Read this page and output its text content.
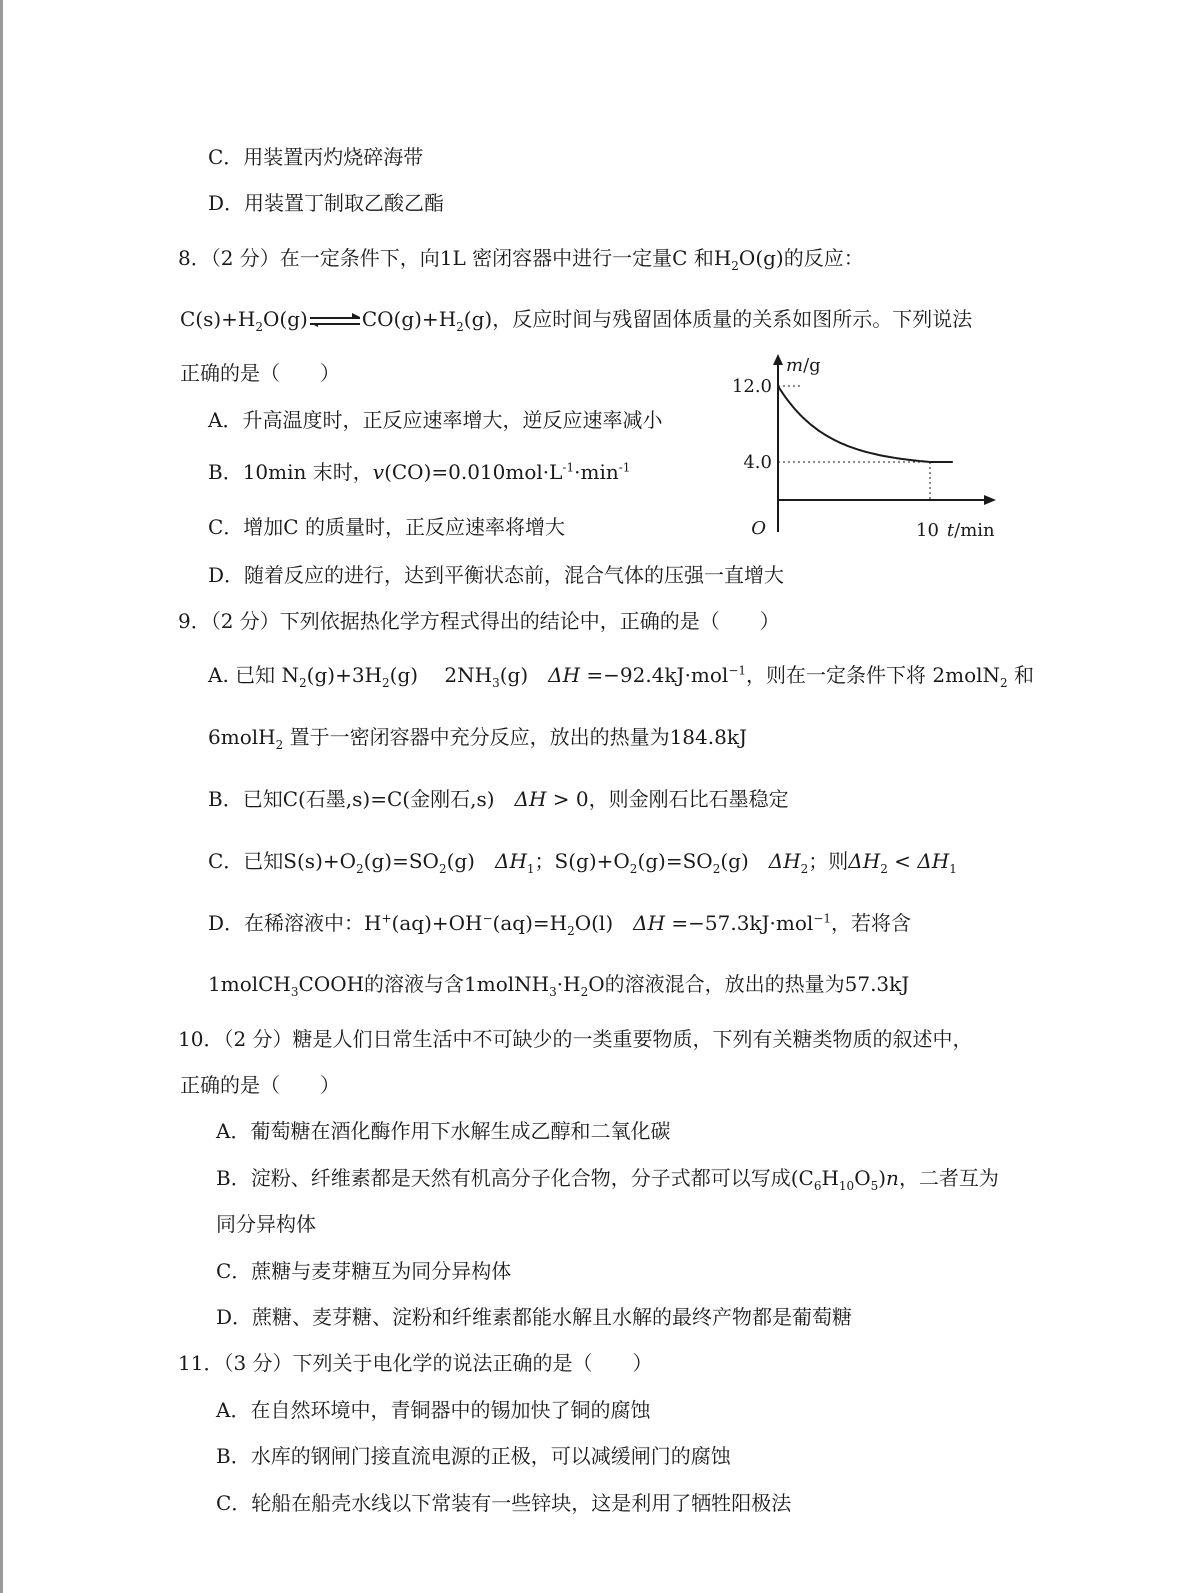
C．用装置丙灼烧碎海带
D．用装置丁制取乙酸乙酯
8．（2 分）在一定条件下，向1L 密闭容器中进行一定量C 和$H_2O(g)$的反应：
$C(s)+H_2O(g)$ ⇌ $CO(g)+H_2(g)$，反应时间与残留固体质量的关系如图所示。下列说法
正确的是（　　）
A．升高温度时，正反应速率增大，逆反应速率减小
B．10min 末时，$v(CO)=0.010mol\cdot L^{-1}\cdot\min^{-1}$
C．增加C 的质量时，正反应速率将增大
D．随着反应的进行，达到平衡状态前，混合气体的压强一直增大
m/g
O	10 t/min
12.0
4.0
9．（2 分）下列依据热化学方程式得出的结论中，正确的是（　　）
A. 已知 $N_2(g)+3H_2(g)$　 $2NH_3(g)$　ΔH =−92.4kJ·mol$^{-1}$，则在一定条件下将 2molN$_2$ 和
6molH$_2$ 置于一密闭容器中充分反应，放出的热量为184.8kJ
B．已知C(石墨,s)=C(金刚石,s)　ΔH > 0，则金刚石比石墨稳定
C．已知$S(s)+O_2(g)=SO_2(g)$　$\Delta H_1$；$S(g)+O_2(g)=SO_2(g)$　$\Delta H_2$；则$\Delta H_2 < \Delta H_1$
D．在稀溶液中：$H^+(aq)+OH^-(aq)=H_2O(l)$　ΔH =−57.3kJ·mol$^{-1}$，若将含
1molCH$_3$COOH的溶液与含$1molNH_3\cdot H_2O$的溶液混合，放出的热量为57.3kJ
10．（2 分）糖是人们日常生活中不可缺少的一类重要物质，下列有关糖类物质的叙述中，
正确的是（　　）
A．葡萄糖在酒化酶作用下水解生成乙醇和二氧化碳
B．淀粉、纤维素都是天然有机高分子化合物，分子式都可以写成$(C_6H_{10}O_5)n$，二者互为
同分异构体
C．蔗糖与麦芽糖互为同分异构体
D．蔗糖、麦芽糖、淀粉和纤维素都能水解且水解的最终产物都是葡萄糖
11．（3 分）下列关于电化学的说法正确的是（　　）
A．在自然环境中，青铜器中的锡加快了铜的腐蚀
B．水库的钢闸门接直流电源的正极，可以减缓闸门的腐蚀
C．轮船在船壳水线以下常装有一些锌块，这是利用了牺牲阳极法
